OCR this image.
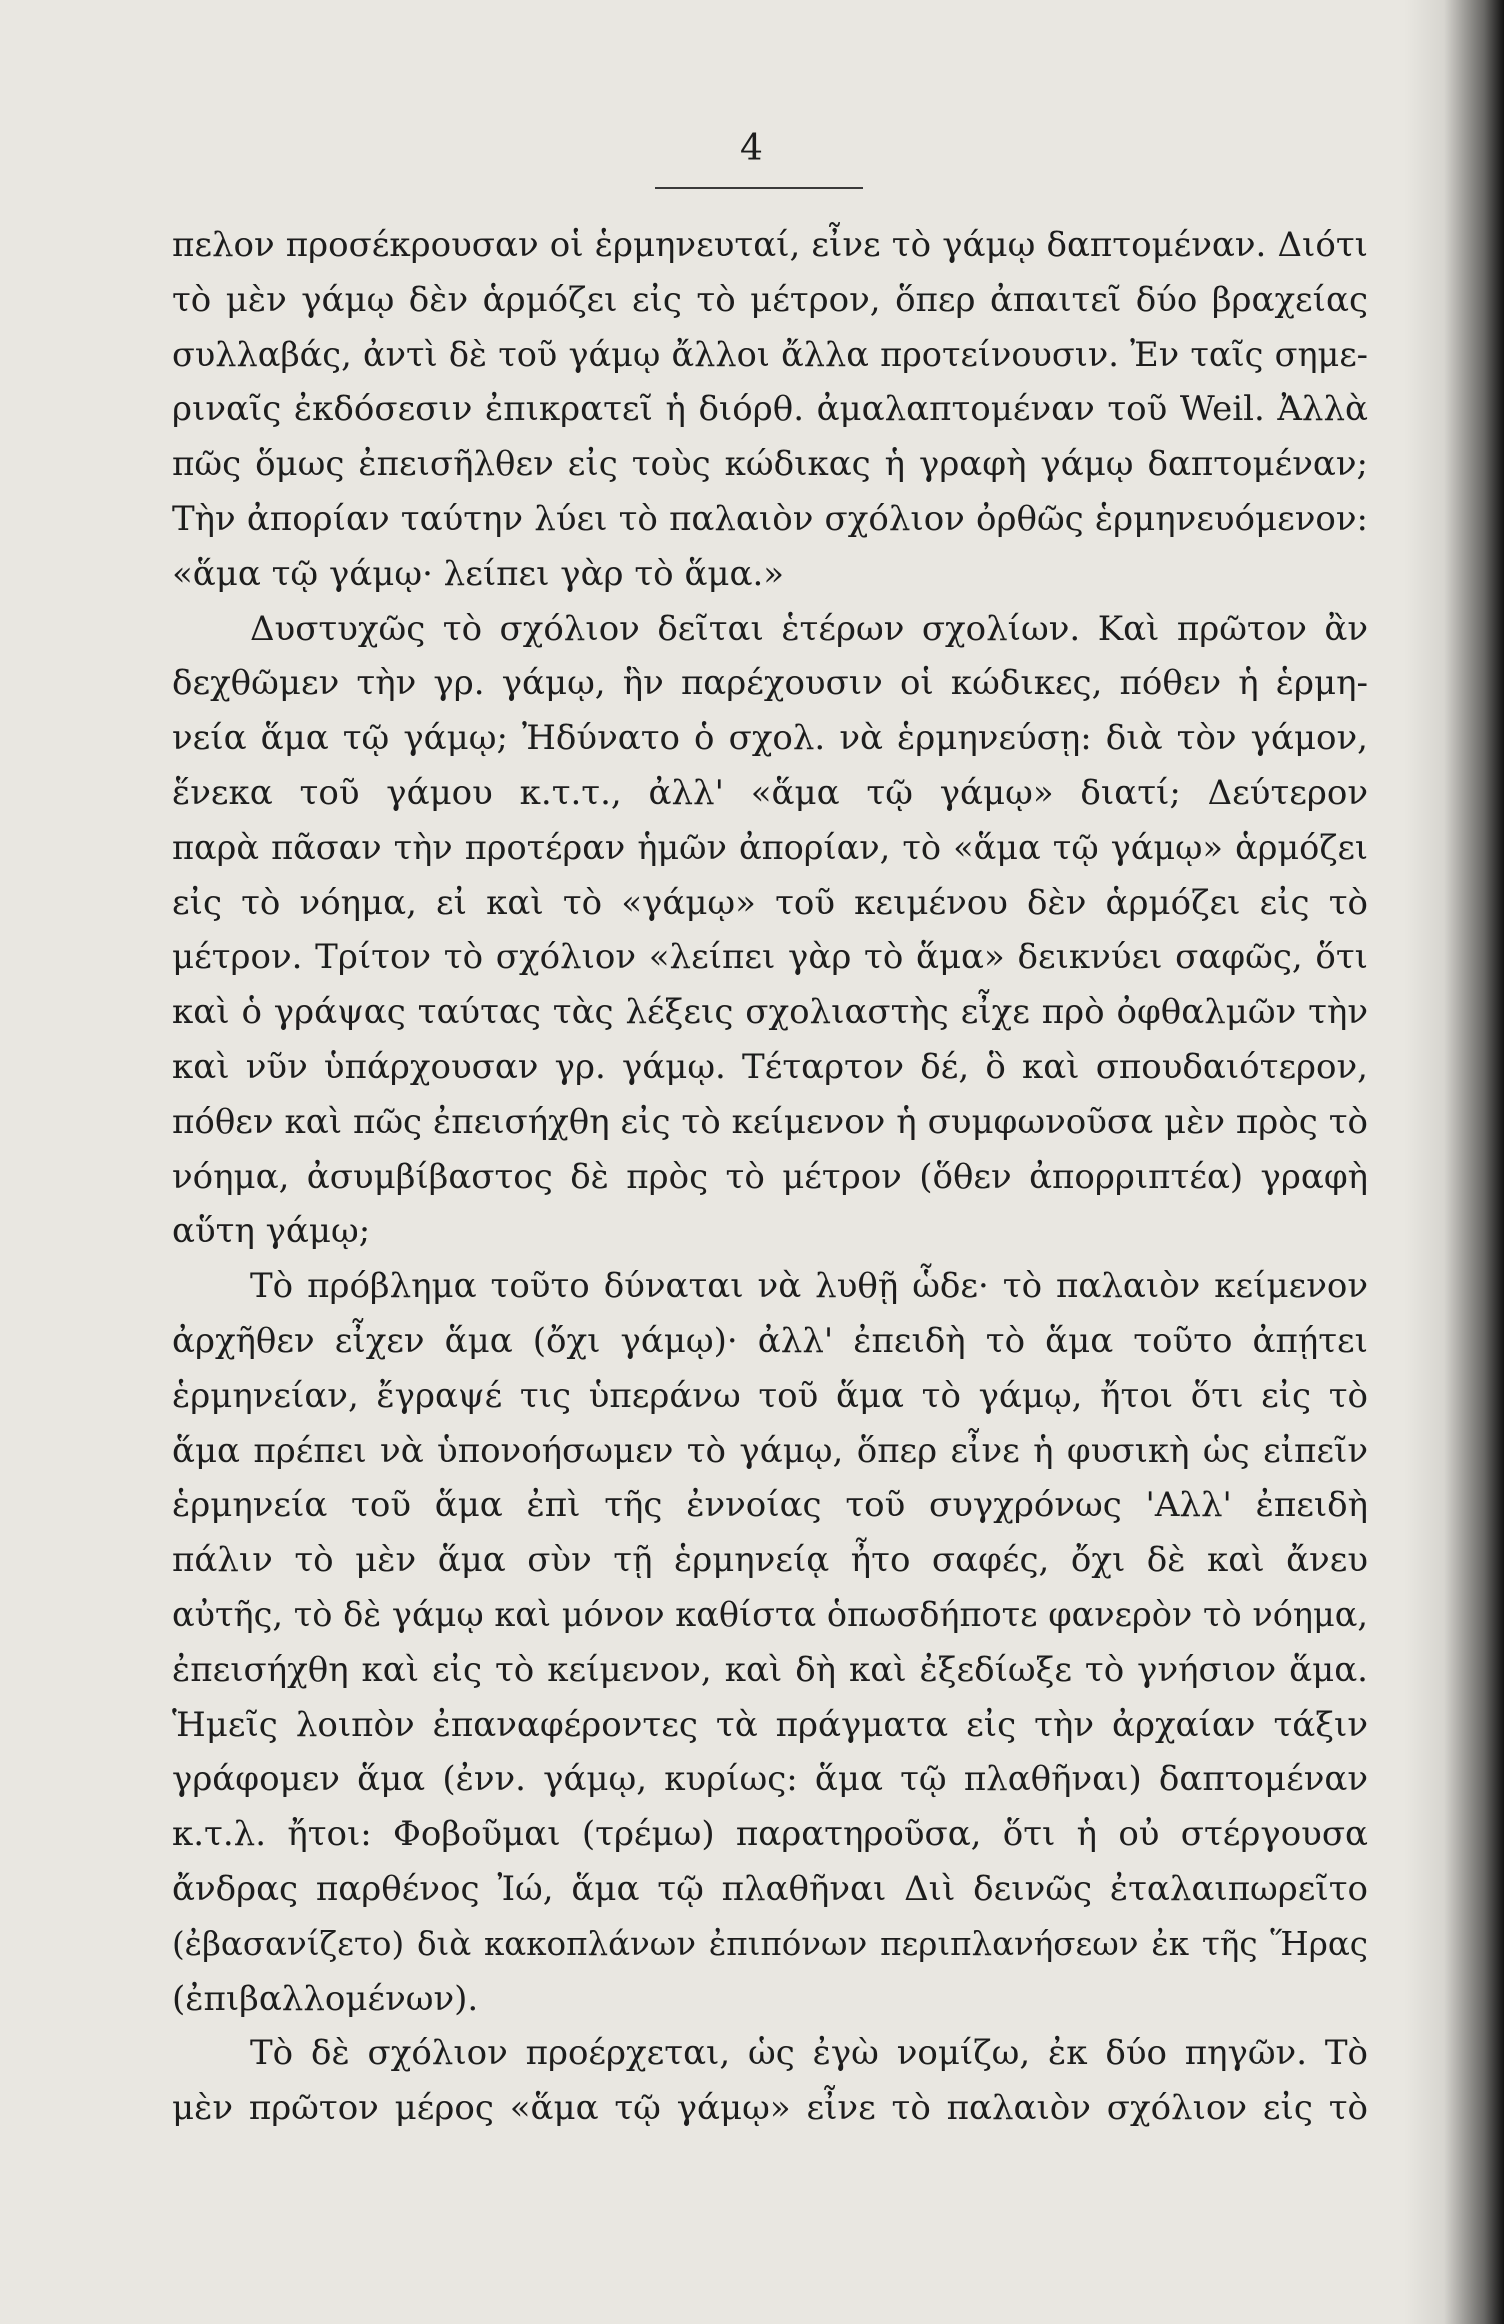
4
πελον προσέκρουσαν οἱ ἑρμηνευταί, εἶνε τὸ γάμῳ δαπτομέναν. Διότι
τὸ μὲν γάμῳ δὲν ἁρμόζει εἰς τὸ μέτρον, ὅπερ ἀπαιτεῖ δύο βραχείας
συλλαβάς, ἀντὶ δὲ τοῦ γάμῳ ἄλλοι ἄλλα προτείνουσιν. Ἐν ταῖς σημε-
ριναῖς ἐκδόσεσιν ἐπικρατεῖ ἡ διόρθ. ἀμαλαπτομέναν τοῦ Weil. Ἀλλὰ
πῶς ὅμως ἐπεισῆλθεν εἰς τοὺς κώδικας ἡ γραφὴ γάμῳ δαπτομέναν;
Τὴν ἀπορίαν ταύτην λύει τὸ παλαιὸν σχόλιον ὀρθῶς ἑρμηνευόμενον:
«ἅμα τῷ γάμῳ· λείπει γὰρ τὸ ἅμα.»
Δυστυχῶς τὸ σχόλιον δεῖται ἑτέρων σχολίων. Καὶ πρῶτον ἂν
δεχθῶμεν τὴν γρ. γάμῳ, ἣν παρέχουσιν οἱ κώδικες, πόθεν ἡ ἑρμη-
νεία ἅμα τῷ γάμῳ; Ἠδύνατο ὁ σχολ. νὰ ἑρμηνεύσῃ: διὰ τὸν γάμον,
ἕνεκα τοῦ γάμου κ.τ.τ., ἀλλ' «ἅμα τῷ γάμῳ» διατί; Δεύτερον
παρὰ πᾶσαν τὴν προτέραν ἡμῶν ἀπορίαν, τὸ «ἅμα τῷ γάμῳ» ἁρμόζει
εἰς τὸ νόημα, εἰ καὶ τὸ «γάμῳ» τοῦ κειμένου δὲν ἁρμόζει εἰς τὸ
μέτρον. Τρίτον τὸ σχόλιον «λείπει γὰρ τὸ ἅμα» δεικνύει σαφῶς, ὅτι
καὶ ὁ γράψας ταύτας τὰς λέξεις σχολιαστὴς εἶχε πρὸ ὀφθαλμῶν τὴν
καὶ νῦν ὑπάρχουσαν γρ. γάμῳ. Τέταρτον δέ, ὃ καὶ σπουδαιότερον,
πόθεν καὶ πῶς ἐπεισήχθη εἰς τὸ κείμενον ἡ συμφωνοῦσα μὲν πρὸς τὸ
νόημα, ἀσυμβίβαστος δὲ πρὸς τὸ μέτρον (ὅθεν ἀπορριπτέα) γραφὴ
αὕτη γάμῳ;
Τὸ πρόβλημα τοῦτο δύναται νὰ λυθῇ ὧδε· τὸ παλαιὸν κείμενον
ἀρχῆθεν εἶχεν ἅμα (ὄχι γάμῳ)· ἀλλ' ἐπειδὴ τὸ ἅμα τοῦτο ἀπῄτει
ἑρμηνείαν, ἔγραψέ τις ὑπεράνω τοῦ ἅμα τὸ γάμῳ, ἤτοι ὅτι εἰς τὸ
ἅμα πρέπει νὰ ὑπονοήσωμεν τὸ γάμῳ, ὅπερ εἶνε ἡ φυσικὴ ὡς εἰπεῖν
ἑρμηνεία τοῦ ἅμα ἐπὶ τῆς ἐννοίας τοῦ συγχρόνως 'Αλλ' ἐπειδὴ
πάλιν τὸ μὲν ἅμα σὺν τῇ ἑρμηνείᾳ ἦτο σαφές, ὄχι δὲ καὶ ἄνευ
αὐτῆς, τὸ δὲ γάμῳ καὶ μόνον καθίστα ὁπωσδήποτε φανερὸν τὸ νόημα,
ἐπεισήχθη καὶ εἰς τὸ κείμενον, καὶ δὴ καὶ ἐξεδίωξε τὸ γνήσιον ἅμα.
Ἡμεῖς λοιπὸν ἐπαναφέροντες τὰ πράγματα εἰς τὴν ἀρχαίαν τάξιν
γράφομεν ἅμα (ἐνν. γάμῳ, κυρίως: ἅμα τῷ πλαθῆναι) δαπτομέναν
κ.τ.λ. ἤτοι: Φοβοῦμαι (τρέμω) παρατηροῦσα, ὅτι ἡ οὐ στέργουσα
ἄνδρας παρθένος Ἰώ, ἅμα τῷ πλαθῆναι Διὶ δεινῶς ἐταλαιπωρεῖτο
(ἐβασανίζετο) διὰ κακοπλάνων ἐπιπόνων περιπλανήσεων ἐκ τῆς Ἥρας
(ἐπιβαλλομένων).
Τὸ δὲ σχόλιον προέρχεται, ὡς ἐγὼ νομίζω, ἐκ δύο πηγῶν. Τὸ
μὲν πρῶτον μέρος «ἅμα τῷ γάμῳ» εἶνε τὸ παλαιὸν σχόλιον εἰς τὸ
